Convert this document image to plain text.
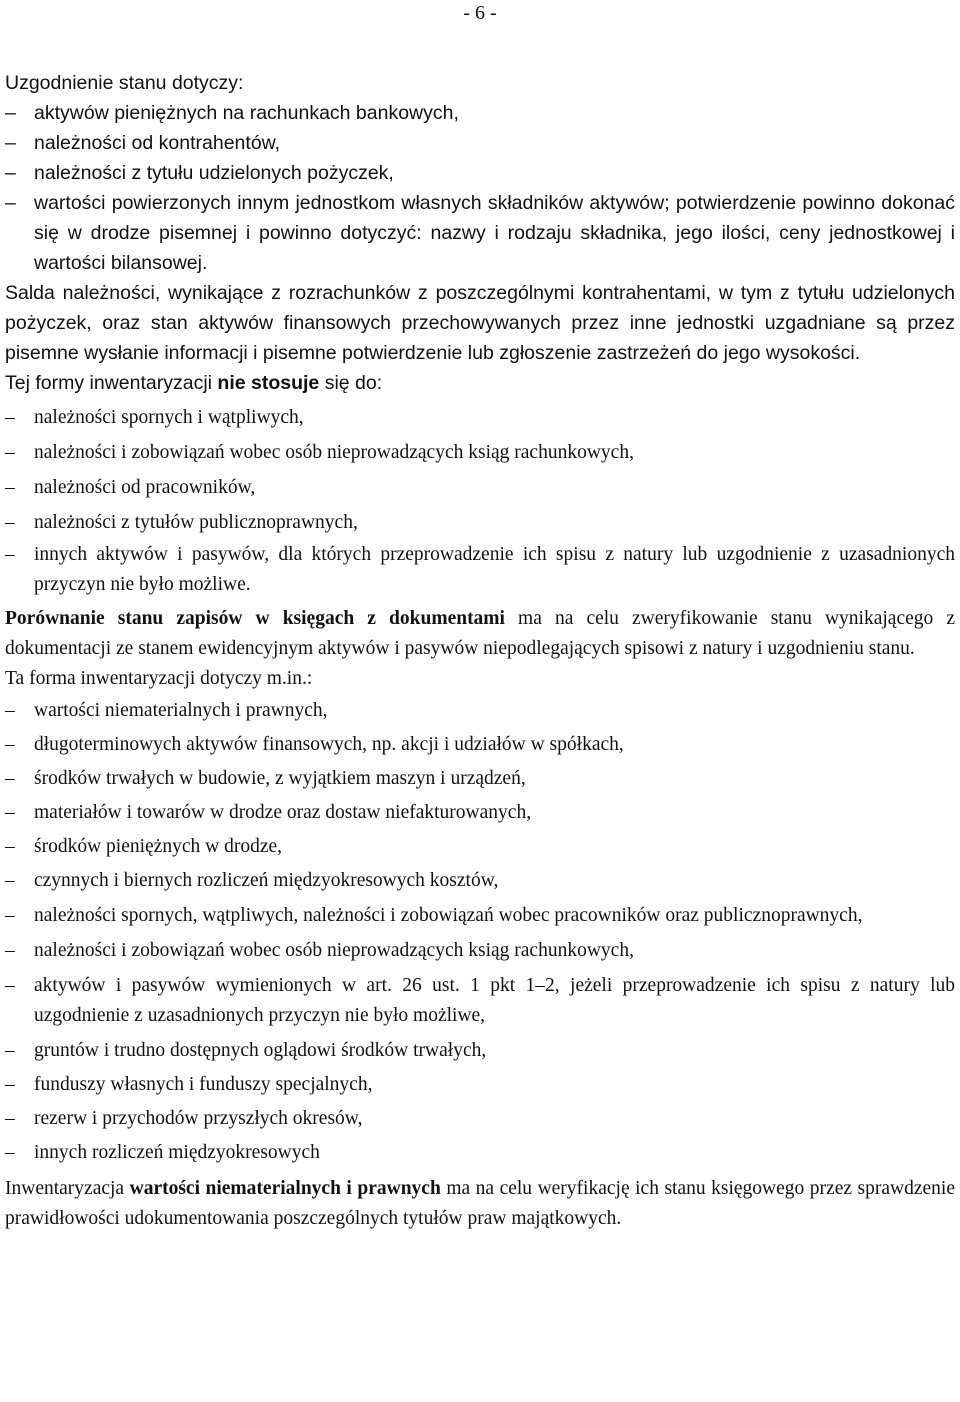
- 6 -

Uzgodnienie stanu dotyczy:

– aktywów pieniężnych na rachunkach bankowych,
– należności od kontrahentów,
– należności z tytułu udzielonych pożyczek,
– wartości powierzonych innym jednostkom własnych składników aktywów; potwierdzenie powinno dokonać się w drodze pisemnej i powinno dotyczyć: nazwy i rodzaju składnika, jego ilości, ceny jednostkowej i wartości bilansowej.

Salda należności, wynikające z rozrachunków z poszczególnymi kontrahentami, w tym z tytułu udzielonych pożyczek, oraz stan aktywów finansowych przechowywanych przez inne jednostki uzgadniane są przez pisemne wysłanie informacji i pisemne potwierdzenie lub zgłoszenie zastrzeżeń do jego wysokości.

Tej formy inwentaryzacji nie stosuje się do:

– należności spornych i wątpliwych,
– należności i zobowiązań wobec osób nieprowadzących ksiąg rachunkowych,
– należności od pracowników,
– należności z tytułów publicznoprawnych,
– innych aktywów i pasywów, dla których przeprowadzenie ich spisu z natury lub uzgodnienie z uzasadnionych przyczyn nie było możliwe.

Porównanie stanu zapisów w księgach z dokumentami ma na celu zweryfikowanie stanu wynikającego z dokumentacji ze stanem ewidencyjnym aktywów i pasywów niepodlegających spisowi z natury i uzgodnieniu stanu.

Ta forma inwentaryzacji dotyczy m.in.:

– wartości niematerialnych i prawnych,
– długoterminowych aktywów finansowych, np. akcji i udziałów w spółkach,
– środków trwałych w budowie, z wyjątkiem maszyn i urządzeń,
– materiałów i towarów w drodze oraz dostaw niefakturowanych,
– środków pieniężnych w drodze,
– czynnych i biernych rozliczeń międzyokresowych kosztów,
– należności spornych, wątpliwych, należności i zobowiązań wobec pracowników oraz publicznoprawnych,
– należności i zobowiązań wobec osób nieprowadzących ksiąg rachunkowych,
– aktywów i pasywów wymienionych w art. 26 ust. 1 pkt 1–2, jeżeli przeprowadzenie ich spisu z natury lub uzgodnienie z uzasadnionych przyczyn nie było możliwe,
– gruntów i trudno dostępnych oglądowi środków trwałych,
– funduszy własnych i funduszy specjalnych,
– rezerw i przychodów przyszłych okresów,
– innych rozliczeń międzyokresowych

Inwentaryzacja wartości niematerialnych i prawnych ma na celu weryfikację ich stanu księgowego przez sprawdzenie prawidłowości udokumentowania poszczególnych tytułów praw majątkowych.
